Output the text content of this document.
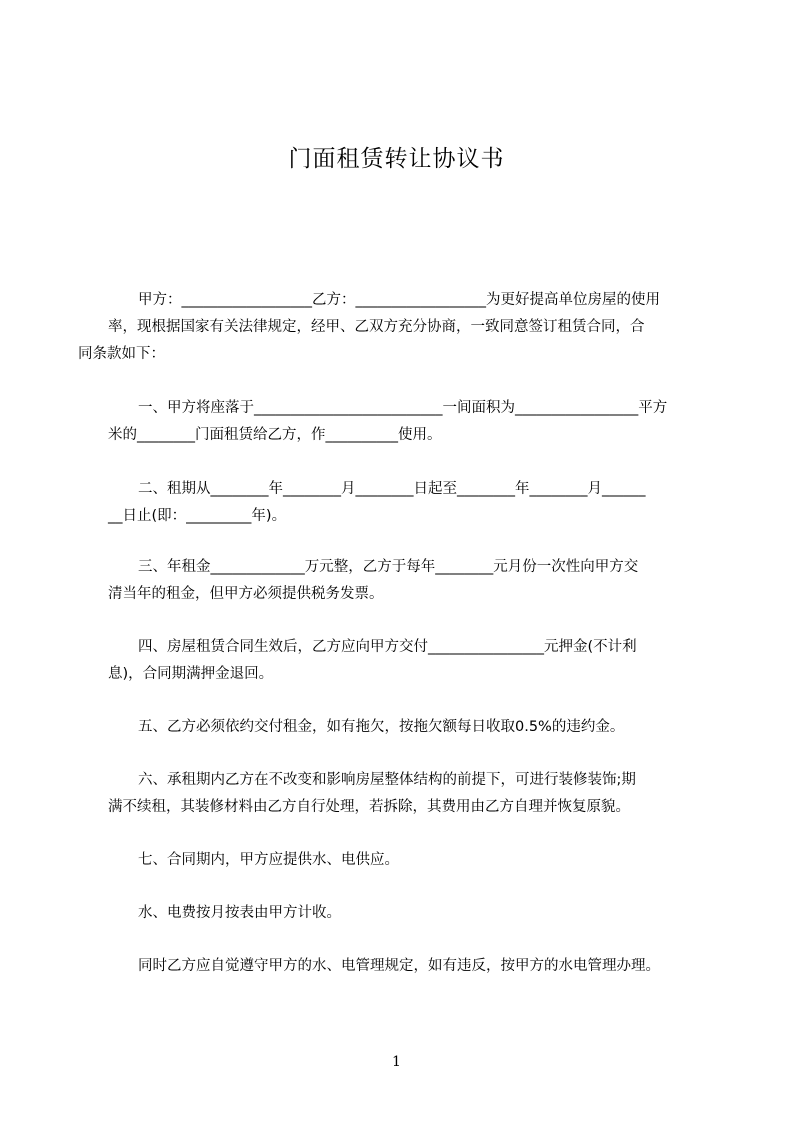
门面租赁转让协议书
甲方：__________________乙方：__________________为更好提高单位房屋的使用
率，现根据国家有关法律规定，经甲、乙双方充分协商，一致同意签订租赁合同，合
同条款如下：
一、甲方将座落于__________________________一间面积为_________________平方
米的________门面租赁给乙方，作__________使用。
二、租期从________年________月________日起至________年________月______
__日止(即：_________年)。
三、年租金_____________万元整，乙方于每年________元月份一次性向甲方交
清当年的租金，但甲方必须提供税务发票。
四、房屋租赁合同生效后，乙方应向甲方交付________________元押金(不计利
息)，合同期满押金退回。
五、乙方必须依约交付租金，如有拖欠，按拖欠额每日收取0.5%的违约金。
六、承租期内乙方在不改变和影响房屋整体结构的前提下，可进行装修装饰;期
满不续租，其装修材料由乙方自行处理，若拆除，其费用由乙方自理并恢复原貌。
七、合同期内，甲方应提供水、电供应。
水、电费按月按表由甲方计收。
同时乙方应自觉遵守甲方的水、电管理规定，如有违反，按甲方的水电管理办理。
1
